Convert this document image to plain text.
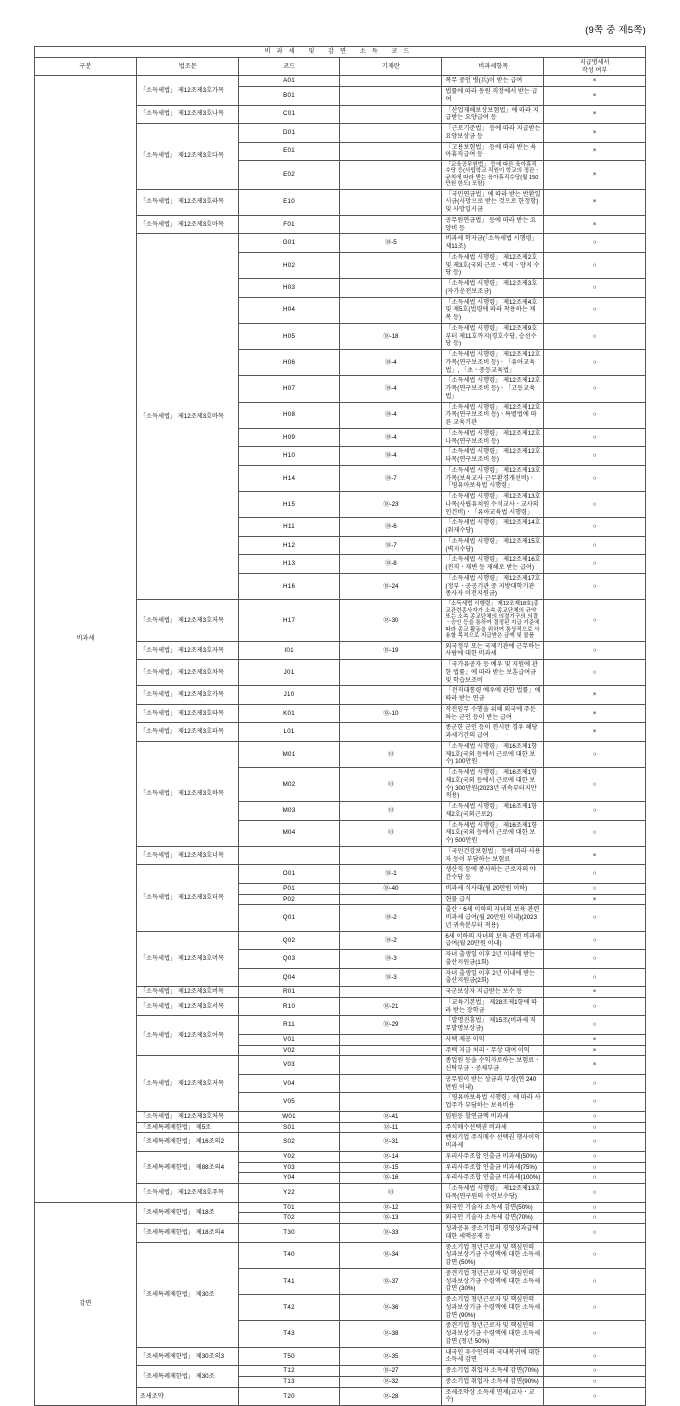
(9쪽 중 제5쪽)
비과세 및 감면 소득 코드					
구분	법조문	코드	기재란	비과세항목	지급명세서
작성 여부

비과세	「소득세법」 제12조제3호가목	A01		복무 중인 병(兵)이 받는 급여	×
		B01		법률에 따라 동원 직장에서 받는 급여	×
	「소득세법」 제12조제3호나목	C01		「산업재해보상보험법」에 따라 지급받는 요양급여 등	×
	「소득세법」 제12조제3호다목	D01		「근로기준법」 등에 따라 지급받는 요양보상금 등	×
		E01		「고용보험법」 등에 따라 받는 육아휴직급여 등	×
		E02		「교육공무원법」 등에 따른 육아휴직수당 등(사립학교 직원이 학교의 정관ㆍ규칙에 따라 받는 육아휴직수당(월 150만원 한도) 포함)	×
	「소득세법」 제12조제3호라목	E10		「국민연금법」에 따라 받는 반환일시금(사망으로 받는 것으로 한정함) 및 사망일시금	×
	「소득세법」 제12조제3호마목	F01		공무원연금법」 등에 따라 받는 요양비 등	×
	「소득세법」 제12조제3호바목	G01	⑱-5	비과세 학자금(「소득세법 시행령」 제11조)	○
		H02		「소득세법 시행령」 제12조제2호 및 제3호(국외 근로ㆍ벽지ㆍ양지 수당 등)	○
		H03		「소득세법 시행령」 제12조제3호(자가운전보조금)	○
		H04		「소득세법 시행령」 제12조제4호 및 제5호(법령에 따라 착용하는 제복 등)	○
		H05	⑱-18	「소득세법 시행령」 제12조제9호부터 제11호까지(경호수당, 승선수당 등)	○
		H06	⑱-4	「소득세법 시행령」 제12조제12호가목(연구보조비 등)ㆍ「유아교육법」, 「초ㆍ중등교육법」	○
		H07	⑱-4	「소득세법 시행령」 제12조제12호가목(연구보조비 등)ㆍ「고등교육법」	○
		H08	⑱-4	「소득세법 시행령」 제12조제12호가목(연구보조비 등)ㆍ특별법에 따른 교육기관	○
		H09	⑱-4	「소득세법 시행령」 제12조제12호나목(연구보조비 등)	○
		H10	⑱-4	「소득세법 시행령」 제12조제12호다목(연구보조비 등)	○
		H14	⑱-7	「소득세법 시행령」 제12조제13호가목(보육교사 근무환경개선비)ㆍ「영유아보육법 시행령」	○
		H15	⑱-23	「소득세법 시행령」 제12조제13호나목(사립유치원 수석교사ㆍ교사의 인건비)ㆍ「유아교육법 시행령」	○
		H11	⑱-6	「소득세법 시행령」 제12조제14호(취재수당)	○
		H12	⑱-7	「소득세법 시행령」 제12조제15호(벽지수당)	○
		H13	⑱-8	「소득세법 시행령」 제12조제16호(전직ㆍ재변 등 재해로 받는 급여)	○
		H16	⑱-24	「소득세법 시행령」 제12조제17호(정부ㆍ공공기관 중 지방대학기관 종사자 이전지원금)	○
	「소득세법」 제12조제3호저목	H17	⑱-30	「소득세법 시행령」 제12조제18호(종교관련종사자가 소속 종교단체의 규약 또는 소속 종교단체의 의결기구의 의결ㆍ승인 등을 통하여 결정된 지급 기준에 따라 종교 활동을 위하여 통상적으로 사용할 목적으로 지급받은 금액 및 물품	○
	「소득세법」 제12조제3호자목	I01	⑱-19	외국정부 또는 국제기관에 근무하는 사람에 대한 비과세	○
	「소득세법」 제12조제3호차목	J01		「국가유공자 등 예우 및 지원에 관한 법률」에 따라 받는 보훈급여금 및 학습보조비	○
	「소득세법」 제12조제3호카목	J10		「전직대통령 예우에 관한 법률」에 따라 받는 연금	×
	「소득세법」 제12조제3호타목	K01	⑱-10	작전임무 수행을 위해 외국에 주둔하는 군인 등이 받는 급여	×
	「소득세법」 제12조제3호파목	L01		종군한 군인 등이 전시란 경우 해당 과세기간의 급여	×
	「소득세법」 제12조제3호하목	M01	⑬	「소득세법 시행령」 제16조제1항제1호(국외 등에서 근로에 대한 보수) 100만원	○
		M02	⑬	「소득세법 시행령」 제16조제1항제1호(국외 등에서 근로에 대한 보수) 300만원(2023년 귀속부터지만 적용)	○
		M03	⑬	「소득세법 시행령」 제16조제1항제2호(국외근로2)	○
		M04	⑬	「소득세법 시행령」 제16조제1항제1호(국외 등에서 근로에 대한 보수) 500만원	○
	「소득세법」 제12조제3호너목			「국민건강보험법」 등에 따라 사용자 등이 부담하는 보험료	×
	「소득세법」 제12조제3호더목	O01	⑱-1	생산직 등에 종사하는 근로자의 야간수당 등	○
		P01	⑱-40	비과세 식사대(월 20만원 이하)	○
		P02		현물 급식	×
		Q01	⑱-2	출산ㆍ6세 이하의 자녀의 보육 관련 비과세 급여(월 20만원 이내)(2023년 귀속분부터 적용)	○
	「소득세법」 제12조제3호머목	Q02	⑱-2	6세 이하의 자녀의 보육 관련 비과세 급여(월 20만원 이내)	○
		Q03	⑱-3	자녀 출생일 이후 2년 이내에 받는 출산지원금(1회)	○
		Q04	⑱-3	자녀 출생일 이후 2년 이내에 받는 출산지원금(2회)	○
	「소득세법」 제12조제3호버목	R01		국군보상자 지급받는 보수 등	×
	「소득세법」 제12조제3호서목	R10	⑱-21	「교육기본법」 제28조제1항에 따라 받는 장학금	○
	「소득세법」 제12조제3호어목	R11	⑱-29	「발명진흥법」 제15조(비과세 직무발명보상금)	○
		V01		사택 제공 이익	×
		V02		주택 지급 처리ㆍ무상 대여 이익	×
	「소득세법」 제12조제3호저목	V03		종업원 등을 수익자로하는 보험료ㆍ신탁부금ㆍ공제부금	×
		V04		공무원이 받는 상금과 부상(연 240만원 이내)	○
		V05		「영유아보육법 시행령」에 따라 사업주가 부담하는 보육비용	○
	「소득세법」 제12조제3호처목	W01	⑱-41	임원등 할연금액 비과세	○
	「조세특례제한법」 제5조	S01	⑱-11	주식매수선택권 비과세	○
	「조세특례제한법」 제16조의2	S02	⑱-31	벤처기업 주식매수 선택권 행사이익 비과세	○
	「조세특례제한법」 제88조의4	Y02	⑱-14	우리사주조합 인출금 비과세(50%)	○
		Y03	⑱-15	우리사주조합 인출금 비과세(75%)	○
		Y04	⑱-16	우리사주조합 인출금 비과세(100%)	○
	「소득세법」 제12조제3호푸목	Y22	⑬	「소득세법 시행령」 제12조제13호다목(연구원의 수련보수당)	○
감면	「조세특례제한법」 제18조	T01	⑱-12	외국인 기술자 소득세 감면(50%)	○
		T02	⑱-13	외국인 기술자 소득세 감면(70%)	○
	「조세특례제한법」 제18조의4	T30	⑱-33	성과공유 중소기업의 경영성과급에 대한 세액공제 등	○
	「조세특례제한법」 제30조	T40	⑱-34	중소기업 청년근로자 및 핵심인력 성과보상기금 수령액에 대한 소득세 감면 (50%)	○
		T41	⑱-37	중견기업 청년근로자 및 핵심인력 성과보상기금 수령액에 대한 소득세 감면 (30%)	○
		T42	⑱-36	중소기업 청년근로자 및 핵심인력 성과보상기금 수령액에 대한 소득세 감면 (90%)	○
		T43	⑱-38	중견기업 청년근로자 및 핵심인력 성과보상기금 수령액에 대한 소득세 감면 (청년 50%)	○
	「조세특례제한법」 제30조의3	T50	⑱-35	내국인 우수인력의 국내복귀에 대한 소득세 감면	○
	「조세특례제한법」 제30조	T12	⑱-27	중소기업 취업자 소득세 감면(70%)	○
		T13	⑱-32	중소기업 취업자 소득세 감면(90%)	○
	조세조약	T20	⑱-28	조세조약상 소득세 면제(교사ㆍ교수)	○
